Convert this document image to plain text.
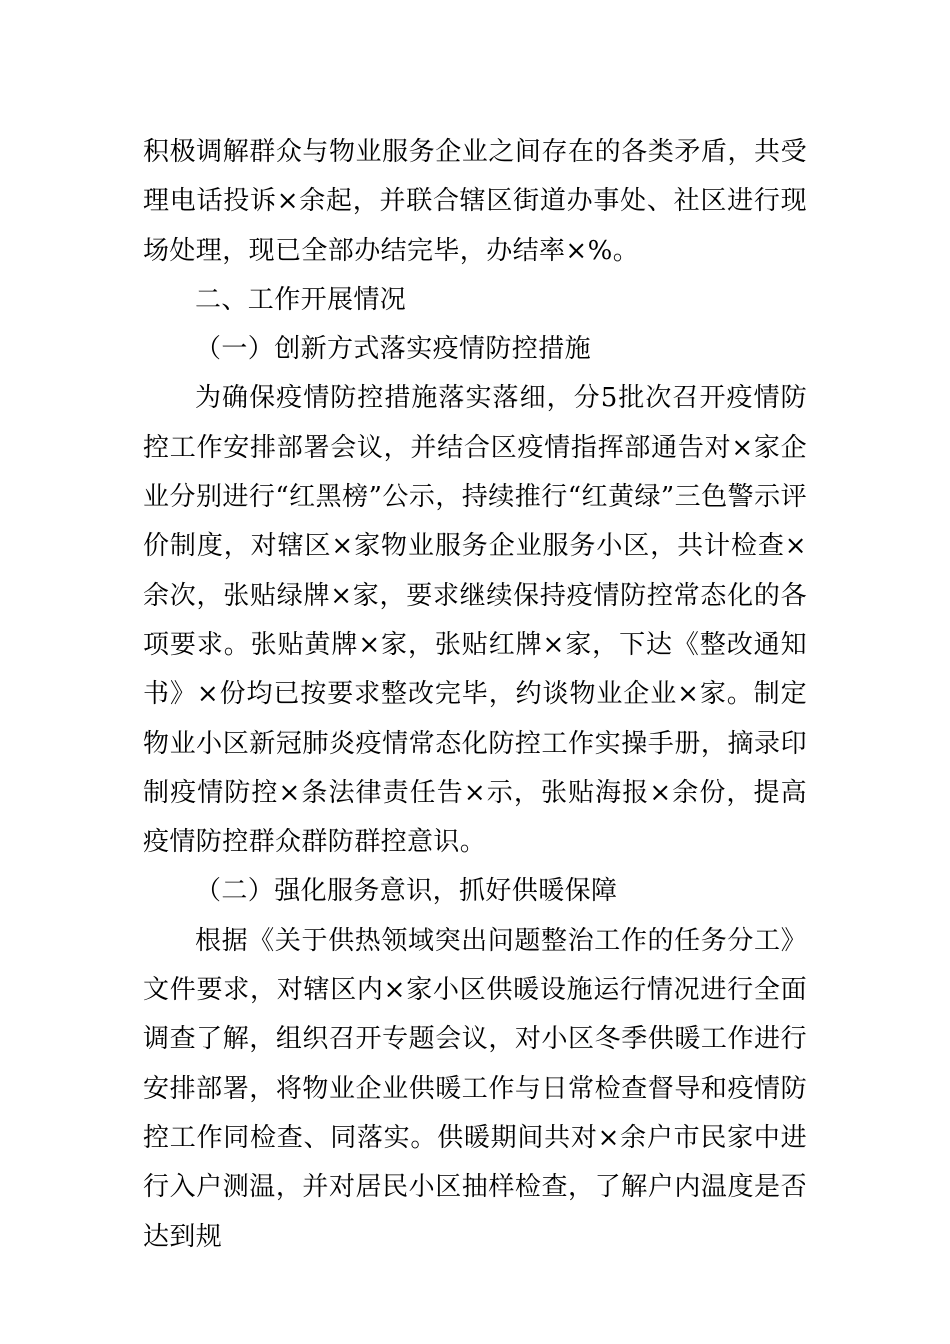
积极调解群众与物业服务企业之间存在的各类矛盾，共受理电话投诉×余起，并联合辖区街道办事处、社区进行现场处理，现已全部办结完毕，办结率×%。

二、工作开展情况

（一）创新方式落实疫情防控措施

为确保疫情防控措施落实落细，分5批次召开疫情防控工作安排部署会议，并结合区疫情指挥部通告对×家企业分别进行“红黑榜”公示，持续推行“红黄绿”三色警示评价制度，对辖区×家物业服务企业服务小区，共计检查×余次，张贴绿牌×家，要求继续保持疫情防控常态化的各项要求。张贴黄牌×家，张贴红牌×家，下达《整改通知书》×份均已按要求整改完毕，约谈物业企业×家。制定物业小区新冠肺炎疫情常态化防控工作实操手册，摘录印制疫情防控×条法律责任告×示，张贴海报×余份，提高疫情防控群众群防群控意识。

（二）强化服务意识，抓好供暖保障

根据《关于供热领域突出问题整治工作的任务分工》文件要求，对辖区内×家小区供暖设施运行情况进行全面调查了解，组织召开专题会议，对小区冬季供暖工作进行安排部署，将物业企业供暖工作与日常检查督导和疫情防控工作同检查、同落实。供暖期间共对×余户市民家中进行入户测温，并对居民小区抽样检查，了解户内温度是否达到规
